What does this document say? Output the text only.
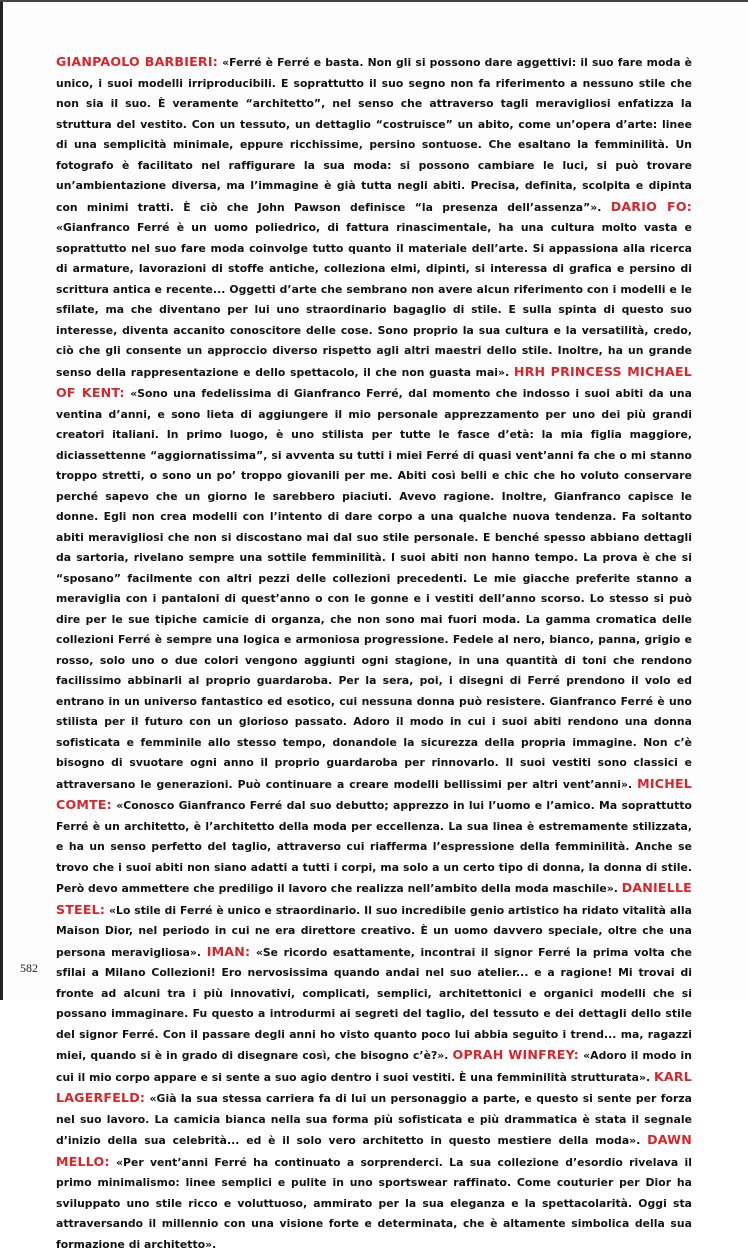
GIANPAOLO BARBIERI: «Ferré è Ferré e basta. Non gli si possono dare aggettivi: il suo fare moda è unico, i suoi modelli irriproducibili. E soprattutto il suo segno non fa riferimento a nessuno stile che non sia il suo. È veramente “architetto”, nel senso che attraverso tagli meravigliosi enfatizza la struttura del vestito. Con un tessuto, un dettaglio “costruisce” un abito, come un’opera d’arte: linee di una semplicità minimale, eppure ricchissime, persino sontuose. Che esaltano la femminilità. Un fotografo è facilitato nel raffigurare la sua moda: si possono cambiare le luci, si può trovare un’ambientazione diversa, ma l’immagine è già tutta negli abiti. Precisa, definita, scolpita e dipinta con minimi tratti. È ciò che John Pawson definisce “la presenza dell’assenza”». DARIO FO: «Gianfranco Ferré è un uomo poliedrico, di fattura rinascimentale, ha una cultura molto vasta e soprattutto nel suo fare moda coinvolge tutto quanto il materiale dell’arte. Si appassiona alla ricerca di armature, lavorazioni di stoffe antiche, colleziona elmi, dipinti, si interessa di grafica e persino di scrittura antica e recente... Oggetti d’arte che sembrano non avere alcun riferimento con i modelli e le sfilate, ma che diventano per lui uno straordinario bagaglio di stile. E sulla spinta di questo suo interesse, diventa accanito conoscitore delle cose. Sono proprio la sua cultura e la versatilità, credo, ciò che gli consente un approccio diverso rispetto agli altri maestri dello stile. Inoltre, ha un grande senso della rappresentazione e dello spettacolo, il che non guasta mai». HRH PRINCESS MICHAEL OF KENT: «Sono una fedelissima di Gianfranco Ferré, dal momento che indosso i suoi abiti da una ventina d’anni, e sono lieta di aggiungere il mio personale apprezzamento per uno dei più grandi creatori italiani. In primo luogo, è uno stilista per tutte le fasce d’età: la mia figlia maggiore, diciassettenne “aggiornatissima”, si avventa su tutti i miei Ferré di quasi vent’anni fa che o mi stanno troppo stretti, o sono un po’ troppo giovanili per me. Abiti così belli e chic che ho voluto conservare perché sapevo che un giorno le sarebbero piaciuti. Avevo ragione. Inoltre, Gianfranco capisce le donne. Egli non crea modelli con l’intento di dare corpo a una qualche nuova tendenza. Fa soltanto abiti meravigliosi che non si discostano mai dal suo stile personale. E benché spesso abbiano dettagli da sartoria, rivelano sempre una sottile femminilità. I suoi abiti non hanno tempo. La prova è che si “sposano” facilmente con altri pezzi delle collezioni precedenti. Le mie giacche preferite stanno a meraviglia con i pantaloni di quest’anno o con le gonne e i vestiti dell’anno scorso. Lo stesso si può dire per le sue tipiche camicie di organza, che non sono mai fuori moda. La gamma cromatica delle collezioni Ferré è sempre una logica e armoniosa progressione. Fedele al nero, bianco, panna, grigio e rosso, solo uno o due colori vengono aggiunti ogni stagione, in una quantità di toni che rendono facilissimo abbinarli al proprio guardaroba. Per la sera, poi, i disegni di Ferré prendono il volo ed entrano in un universo fantastico ed esotico, cui nessuna donna può resistere. Gianfranco Ferré è uno stilista per il futuro con un glorioso passato. Adoro il modo in cui i suoi abiti rendono una donna sofisticata e femminile allo stesso tempo, donandole la sicurezza della propria immagine. Non c’è bisogno di svuotare ogni anno il proprio guardaroba per rinnovarlo. Il suoi vestiti sono classici e attraversano le generazioni. Può continuare a creare modelli bellissimi per altri vent’anni». MICHEL COMTE: «Conosco Gianfranco Ferré dal suo debutto; apprezzo in lui l’uomo e l’amico. Ma soprattutto Ferré è un architetto, è l’architetto della moda per eccellenza. La sua linea è estremamente stilizzata, e ha un senso perfetto del taglio, attraverso cui riafferma l’espressione della femminilità. Anche se trovo che i suoi abiti non siano adatti a tutti i corpi, ma solo a un certo tipo di donna, la donna di stile. Però devo ammettere che prediligo il lavoro che realizza nell’ambito della moda maschile». DANIELLE STEEL: «Lo stile di Ferré è unico e straordinario. Il suo incredibile genio artistico ha ridato vitalità alla Maison Dior, nel periodo in cui ne era direttore creativo. È un uomo davvero speciale, oltre che una persona meravigliosa». IMAN: «Se ricordo esattamente, incontrai il signor Ferré la prima volta che sfilai a Milano Collezioni! Ero nervosissima quando andai nel suo atelier... e a ragione! Mi trovai di fronte ad alcuni tra i più innovativi, complicati, semplici, architettonici e organici modelli che si possano immaginare. Fu questo a introdurmi ai segreti del taglio, del tessuto e dei dettagli dello stile del signor Ferré. Con il passare degli anni ho visto quanto poco lui abbia seguito i trend... ma, ragazzi miei, quando si è in grado di disegnare così, che bisogno c’è?». OPRAH WINFREY: «Adoro il modo in cui il mio corpo appare e si sente a suo agio dentro i suoi vestiti. È una femminilità strutturata». KARL LAGERFELD: «Già la sua stessa carriera fa di lui un personaggio a parte, e questo si sente per forza nel suo lavoro. La camicia bianca nella sua forma più sofisticata e più drammatica è stata il segnale d’inizio della sua celebrità... ed è il solo vero architetto in questo mestiere della moda». DAWN MELLO: «Per vent’anni Ferré ha continuato a sorprenderci. La sua collezione d’esordio rivelava il primo minimalismo: linee semplici e pulite in uno sportswear raffinato. Come couturier per Dior ha sviluppato uno stile ricco e voluttuoso, ammirato per la sua eleganza e la spettacolarità. Oggi sta attraversando il millennio con una visione forte e determinata, che è altamente simbolica della sua formazione di architetto».
582
